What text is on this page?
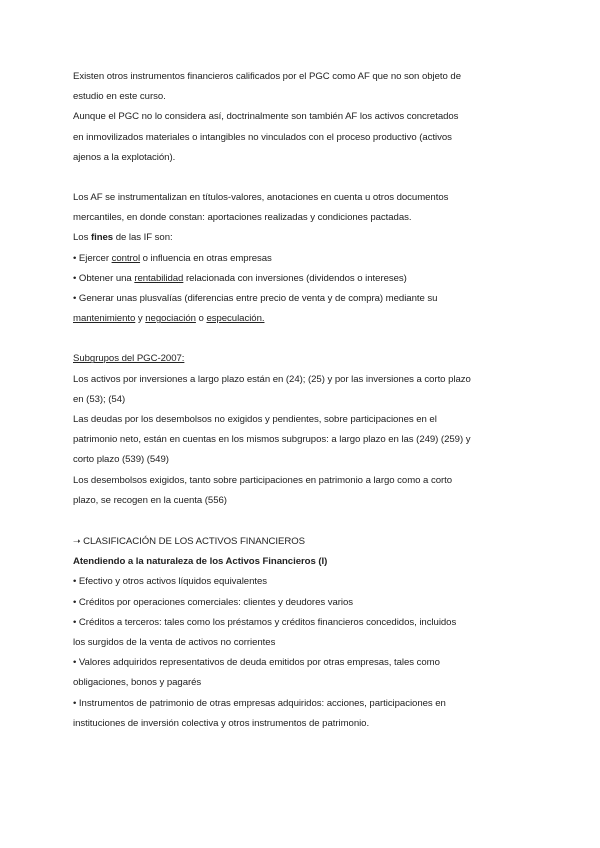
Existen otros instrumentos financieros calificados por el PGC como AF que no son objeto de

estudio en este curso.

Aunque el PGC no lo considera así, doctrinalmente son también AF los activos concretados

en inmovilizados materiales o intangibles no vinculados con el proceso productivo (activos

ajenos a la explotación).

Los AF se instrumentalizan en títulos-valores, anotaciones en cuenta u otros documentos

mercantiles, en donde constan: aportaciones realizadas y condiciones pactadas.

Los fines de las IF son:

• Ejercer control o influencia en otras empresas

• Obtener una rentabilidad relacionada con inversiones (dividendos o intereses)

• Generar unas plusvalías (diferencias entre precio de venta y de compra) mediante su

mantenimiento y negociación o especulación.

Subgrupos del PGC-2007:

Los activos por inversiones a largo plazo están en (24); (25) y por las inversiones a corto plazo

en (53); (54)

Las deudas por los desembolsos no exigidos y pendientes, sobre participaciones en el

patrimonio neto, están en cuentas en los mismos subgrupos: a largo plazo en las (249) (259) y

corto plazo (539) (549)

Los desembolsos exigidos, tanto sobre participaciones en patrimonio a largo como a corto

plazo, se recogen en la cuenta (556)

➝ CLASIFICACIÓN DE LOS ACTIVOS FINANCIEROS

Atendiendo a la naturaleza de los Activos Financieros (I)

• Efectivo y otros activos líquidos equivalentes

• Créditos por operaciones comerciales: clientes y deudores varios

• Créditos a terceros: tales como los préstamos y créditos financieros concedidos, incluidos

los surgidos de la venta de activos no corrientes

• Valores adquiridos representativos de deuda emitidos por otras empresas, tales como

obligaciones, bonos y pagarés

• Instrumentos de patrimonio de otras empresas adquiridos: acciones, participaciones en

instituciones de inversión colectiva y otros instrumentos de patrimonio.
